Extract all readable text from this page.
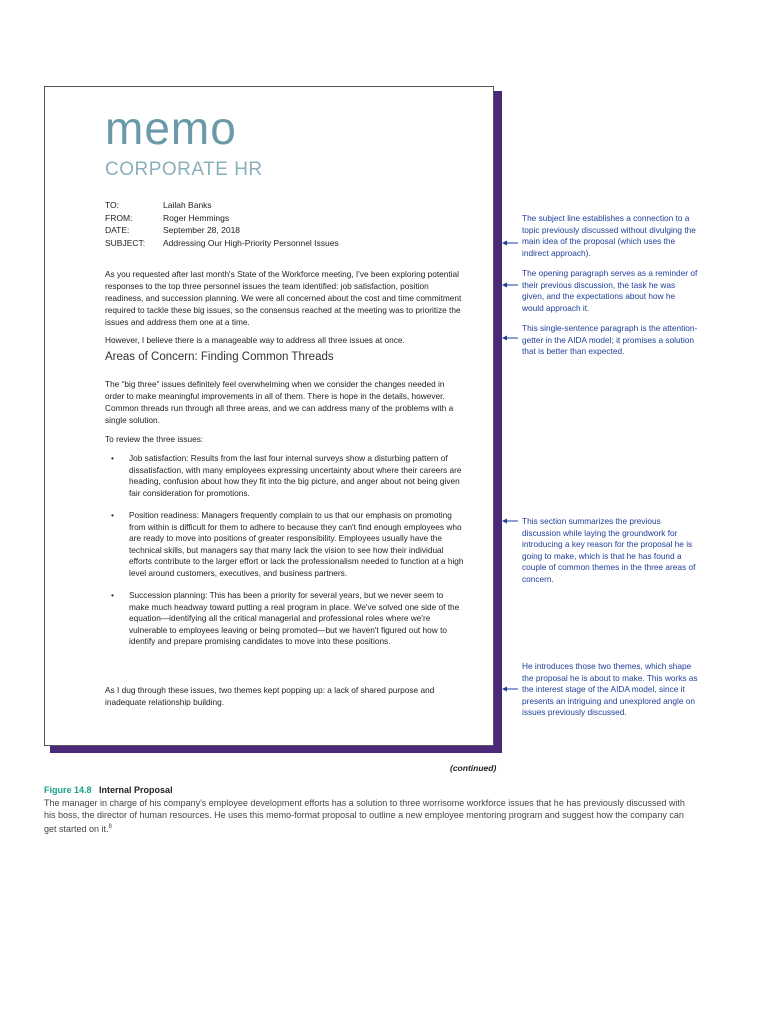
memo
CORPORATE HR
TO:	Lailah Banks
FROM:	Roger Hemmings
DATE:	September 28, 2018
SUBJECT:	Addressing Our High-Priority Personnel Issues

As you requested after last month's State of the Workforce meeting, I've been exploring potential responses to the top three personnel issues the team identified: job satisfaction, position readiness, and succession planning. We were all concerned about the cost and time commitment required to tackle these big issues, so the consensus reached at the meeting was to prioritize the issues and address them one at a time.

However, I believe there is a manageable way to address all three issues at once.

Areas of Concern: Finding Common Threads

The “big three” issues definitely feel overwhelming when we consider the changes needed in order to make meaningful improvements in all of them. There is hope in the details, however. Common threads run through all three areas, and we can address many of the problems with a single solution.

To review the three issues:

•	Job satisfaction: Results from the last four internal surveys show a disturbing pattern of dissatisfaction, with many employees expressing uncertainty about where their careers are heading, confusion about how they fit into the big picture, and anger about not being given fair consideration for promotions.
•	Position readiness: Managers frequently complain to us that our emphasis on promoting from within is difficult for them to adhere to because they can't find enough employees who are ready to move into positions of greater responsibility. Employees usually have the technical skills, but managers say that many lack the vision to see how their individual efforts contribute to the larger effort or lack the professionalism needed to function at a high level around customers, executives, and business partners.
•	Succession planning: This has been a priority for several years, but we never seem to make much headway toward putting a real program in place. We've solved one side of the equation—identifying all the critical managerial and professional roles where we're vulnerable to employees leaving or being promoted—but we haven't figured out how to identify and prepare promising candidates to move into these positions.

As I dug through these issues, two themes kept popping up: a lack of shared purpose and inadequate relationship building.

(continued)
Figure 14.8 Internal Proposal
The manager in charge of his company's employee development efforts has a solution to three worrisome workforce issues that he has previously discussed with his boss, the director of human resources. He uses this memo-format proposal to outline a new employee mentoring program and suggest how the company can get started on it.$^8$
The subject line establishes a connection to a topic previously discussed without divulging the main idea of the proposal (which uses the indirect approach).
The opening paragraph serves as a reminder of their previous discussion, the task he was given, and the expectations about how he would approach it.
This single-sentence paragraph is the attention-getter in the AIDA model; it promises a solution that is better than expected.
This section summarizes the previous discussion while laying the groundwork for introducing a key reason for the proposal he is going to make, which is that he has found a couple of common themes in the three areas of concern.
He introduces those two themes, which shape the proposal he is about to make. This works as the interest stage of the AIDA model, since it presents an intriguing and unexplored angle on issues previously discussed.
